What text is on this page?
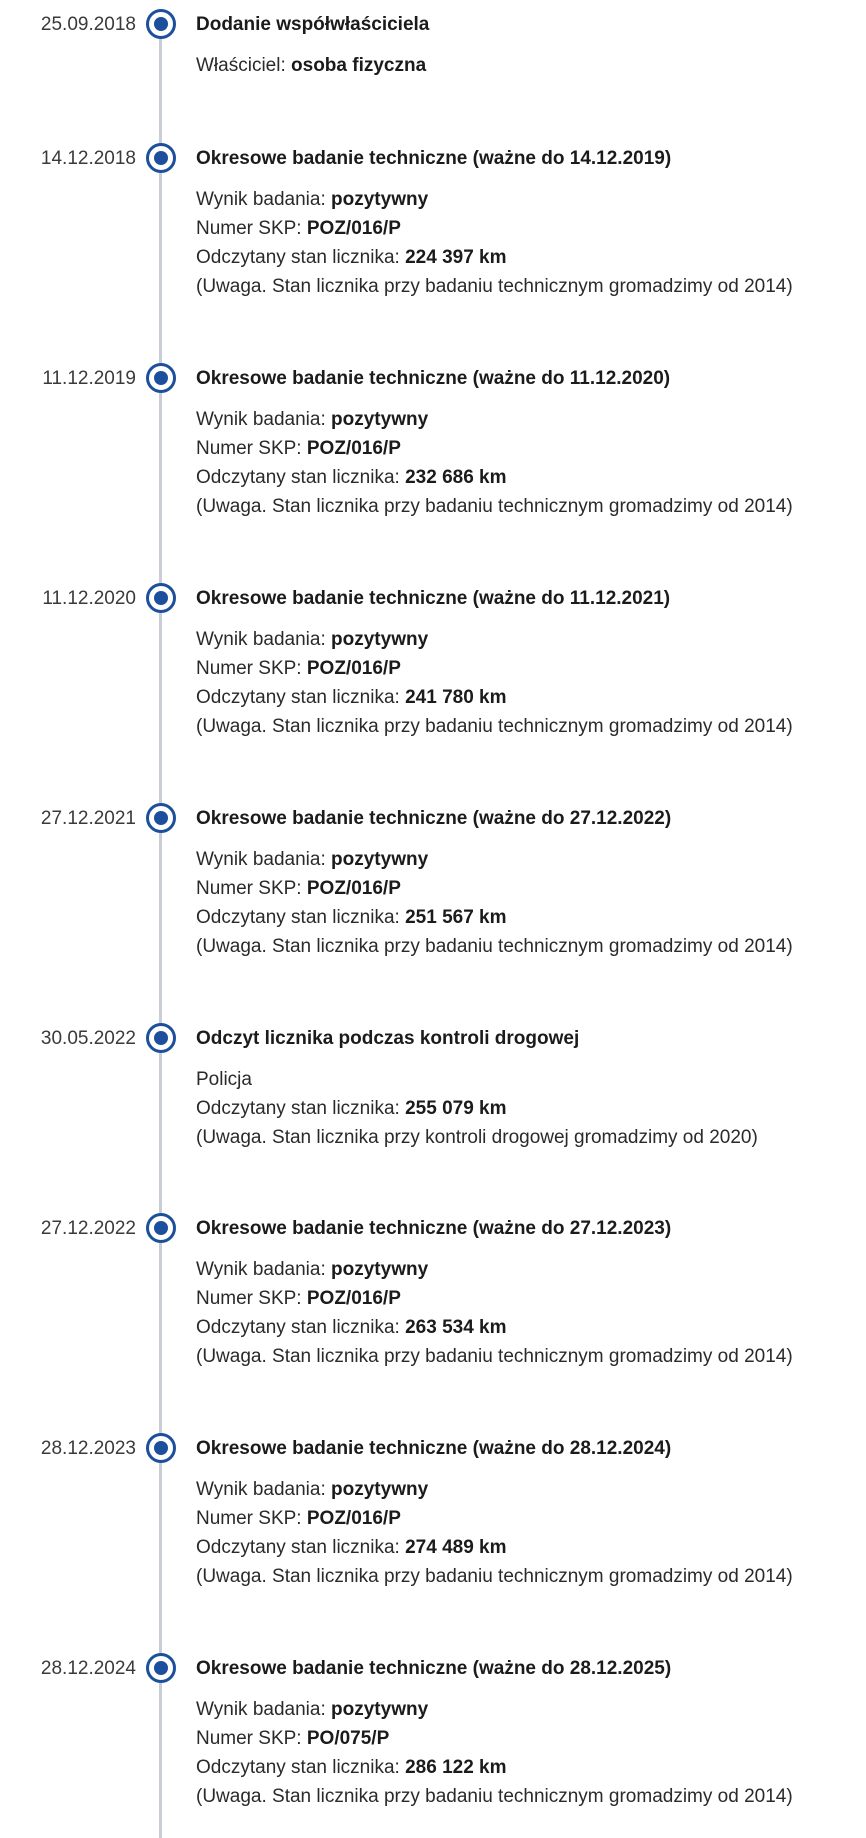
25.09.2018	Dodanie współwłaściciela
Właściciel: osoba fizyczna
14.12.2018	Okresowe badanie techniczne (ważne do 14.12.2019)
Wynik badania: pozytywny
Numer SKP: POZ/016/P
Odczytany stan licznika: 224 397 km
(Uwaga. Stan licznika przy badaniu technicznym gromadzimy od 2014)
11.12.2019	Okresowe badanie techniczne (ważne do 11.12.2020)
Wynik badania: pozytywny
Numer SKP: POZ/016/P
Odczytany stan licznika: 232 686 km
(Uwaga. Stan licznika przy badaniu technicznym gromadzimy od 2014)
11.12.2020	Okresowe badanie techniczne (ważne do 11.12.2021)
Wynik badania: pozytywny
Numer SKP: POZ/016/P
Odczytany stan licznika: 241 780 km
(Uwaga. Stan licznika przy badaniu technicznym gromadzimy od 2014)
27.12.2021	Okresowe badanie techniczne (ważne do 27.12.2022)
Wynik badania: pozytywny
Numer SKP: POZ/016/P
Odczytany stan licznika: 251 567 km
(Uwaga. Stan licznika przy badaniu technicznym gromadzimy od 2014)
30.05.2022	Odczyt licznika podczas kontroli drogowej
Policja
Odczytany stan licznika: 255 079 km
(Uwaga. Stan licznika przy kontroli drogowej gromadzimy od 2020)
27.12.2022	Okresowe badanie techniczne (ważne do 27.12.2023)
Wynik badania: pozytywny
Numer SKP: POZ/016/P
Odczytany stan licznika: 263 534 km
(Uwaga. Stan licznika przy badaniu technicznym gromadzimy od 2014)
28.12.2023	Okresowe badanie techniczne (ważne do 28.12.2024)
Wynik badania: pozytywny
Numer SKP: POZ/016/P
Odczytany stan licznika: 274 489 km
(Uwaga. Stan licznika przy badaniu technicznym gromadzimy od 2014)
28.12.2024	Okresowe badanie techniczne (ważne do 28.12.2025)
Wynik badania: pozytywny
Numer SKP: PO/075/P
Odczytany stan licznika: 286 122 km
(Uwaga. Stan licznika przy badaniu technicznym gromadzimy od 2014)
